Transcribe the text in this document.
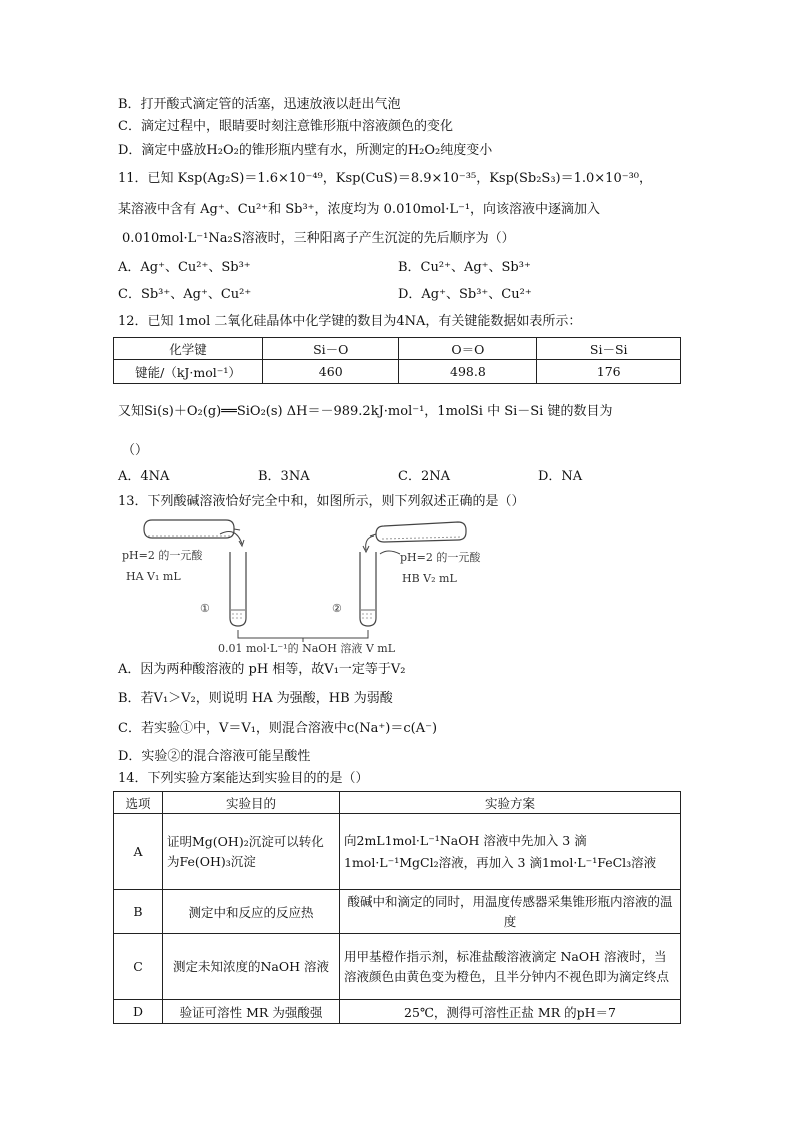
B．打开酸式滴定管的活塞，迅速放液以赶出气泡
C．滴定过程中，眼睛要时刻注意锥形瓶中溶液颜色的变化
D．滴定中盛放H₂O₂的锥形瓶内壁有水，所测定的H₂O₂纯度变小
11．已知 Ksp(Ag₂S)＝1.6×10⁻⁴⁹，Ksp(CuS)＝8.9×10⁻³⁵，Ksp(Sb₂S₃)＝1.0×10⁻³⁰，
某溶液中含有 Ag⁺、Cu²⁺和 Sb³⁺，浓度均为 0.010mol·L⁻¹，向该溶液中逐滴加入
0.010mol·L⁻¹Na₂S溶液时，三种阳离子产生沉淀的先后顺序为（）
A．Ag⁺、Cu²⁺、Sb³⁺	B．Cu²⁺、Ag⁺、Sb³⁺
C．Sb³⁺、Ag⁺、Cu²⁺	D．Ag⁺、Sb³⁺、Cu²⁺
12．已知 1mol 二氧化硅晶体中化学键的数目为4NA，有关键能数据如表所示：
化学键	Si－O	O＝O	Si－Si
键能/（kJ·mol⁻¹）	460	498.8	176
又知Si(s)＋O₂(g)══SiO₂(s) ΔH＝－989.2kJ·mol⁻¹，1molSi 中 Si－Si 键的数目为
（）
A．4NA	B．3NA	C．2NA	D．NA
13．下列酸碱溶液恰好完全中和，如图所示，则下列叙述正确的是（）
pH=2 的一元酸
HA V₁ mL
①	②
pH=2 的一元酸
HB V₂ mL
0.01 mol·L⁻¹的 NaOH 溶液 V mL
A．因为两种酸溶液的 pH 相等，故V₁一定等于V₂
B．若V₁＞V₂，则说明 HA 为强酸，HB 为弱酸
C．若实验①中，V＝V₁，则混合溶液中c(Na⁺)＝c(A⁻)
D．实验②的混合溶液可能呈酸性
14．下列实验方案能达到实验目的的是（）
选项	实验目的	实验方案
A	证明Mg(OH)₂沉淀可以转化为Fe(OH)₃沉淀	向2mL1mol·L⁻¹NaOH 溶液中先加入 3 滴 1mol·L⁻¹MgCl₂溶液，再加入 3 滴1mol·L⁻¹FeCl₃溶液
B	测定中和反应的反应热	酸碱中和滴定的同时，用温度传感器采集锥形瓶内溶液的温度
C	测定未知浓度的NaOH 溶液	用甲基橙作指示剂，标准盐酸溶液滴定 NaOH 溶液时，当溶液颜色由黄色变为橙色，且半分钟内不视色即为滴定终点
D	验证可溶性 MR 为强酸强	25℃，测得可溶性正盐 MR 的pH＝7
